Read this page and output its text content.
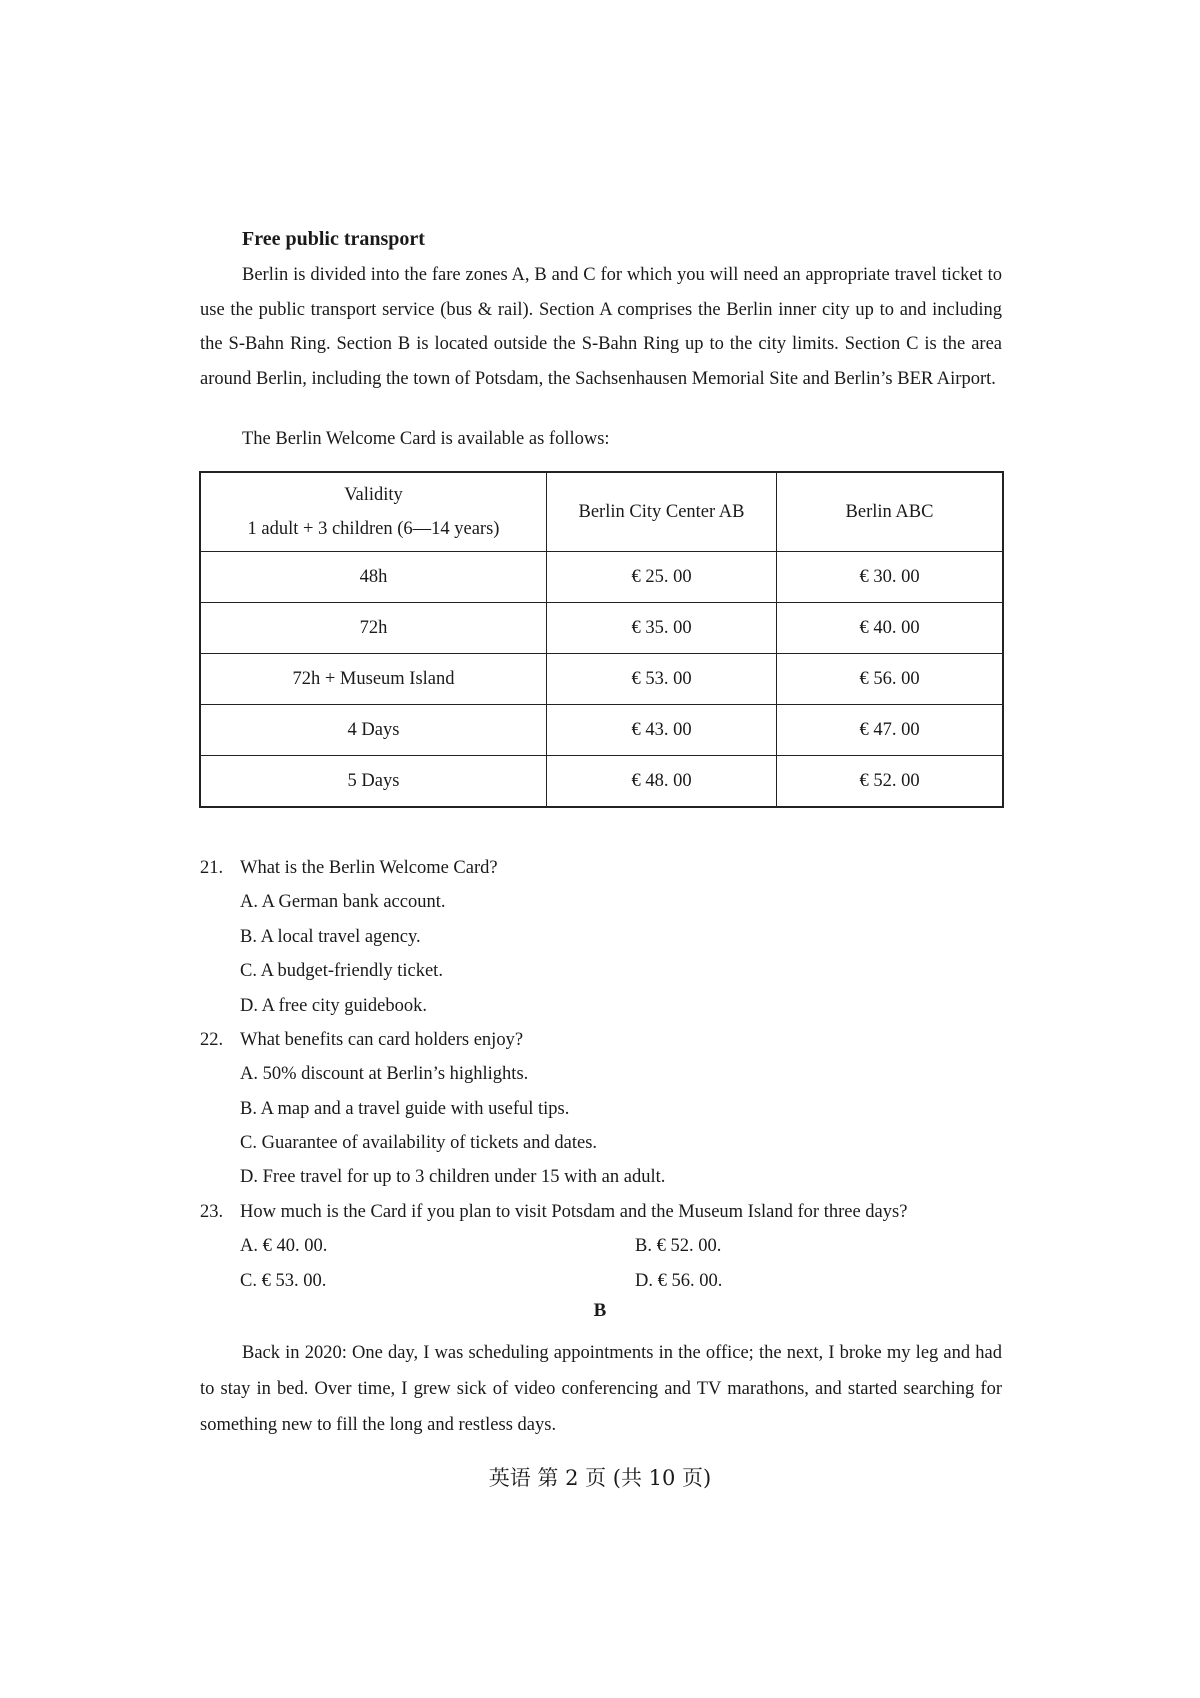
Free public transport
Berlin is divided into the fare zones A, B and C for which you will need an appropriate travel ticket to use the public transport service (bus & rail). Section A comprises the Berlin inner city up to and including the S-Bahn Ring. Section B is located outside the S-Bahn Ring up to the city limits. Section C is the area around Berlin, including the town of Potsdam, the Sachsenhausen Memorial Site and Berlin’s BER Airport.
The Berlin Welcome Card is available as follows:
Validity
1 adult + 3 children (6—14 years)	Berlin City Center AB	Berlin ABC
48h	€ 25. 00	€ 30. 00
72h	€ 35. 00	€ 40. 00
72h + Museum Island	€ 53. 00	€ 56. 00
4 Days	€ 43. 00	€ 47. 00
5 Days	€ 48. 00	€ 52. 00
21. What is the Berlin Welcome Card?
A. A German bank account.
B. A local travel agency.
C. A budget-friendly ticket.
D. A free city guidebook.
22. What benefits can card holders enjoy?
A. 50% discount at Berlin’s highlights.
B. A map and a travel guide with useful tips.
C. Guarantee of availability of tickets and dates.
D. Free travel for up to 3 children under 15 with an adult.
23. How much is the Card if you plan to visit Potsdam and the Museum Island for three days?
A. € 40. 00.	B. € 52. 00.
C. € 53. 00.	D. € 56. 00.
B
Back in 2020: One day, I was scheduling appointments in the office; the next, I broke my leg and had to stay in bed. Over time, I grew sick of video conferencing and TV marathons, and started searching for something new to fill the long and restless days.
英语 第 2 页 (共 10 页)
